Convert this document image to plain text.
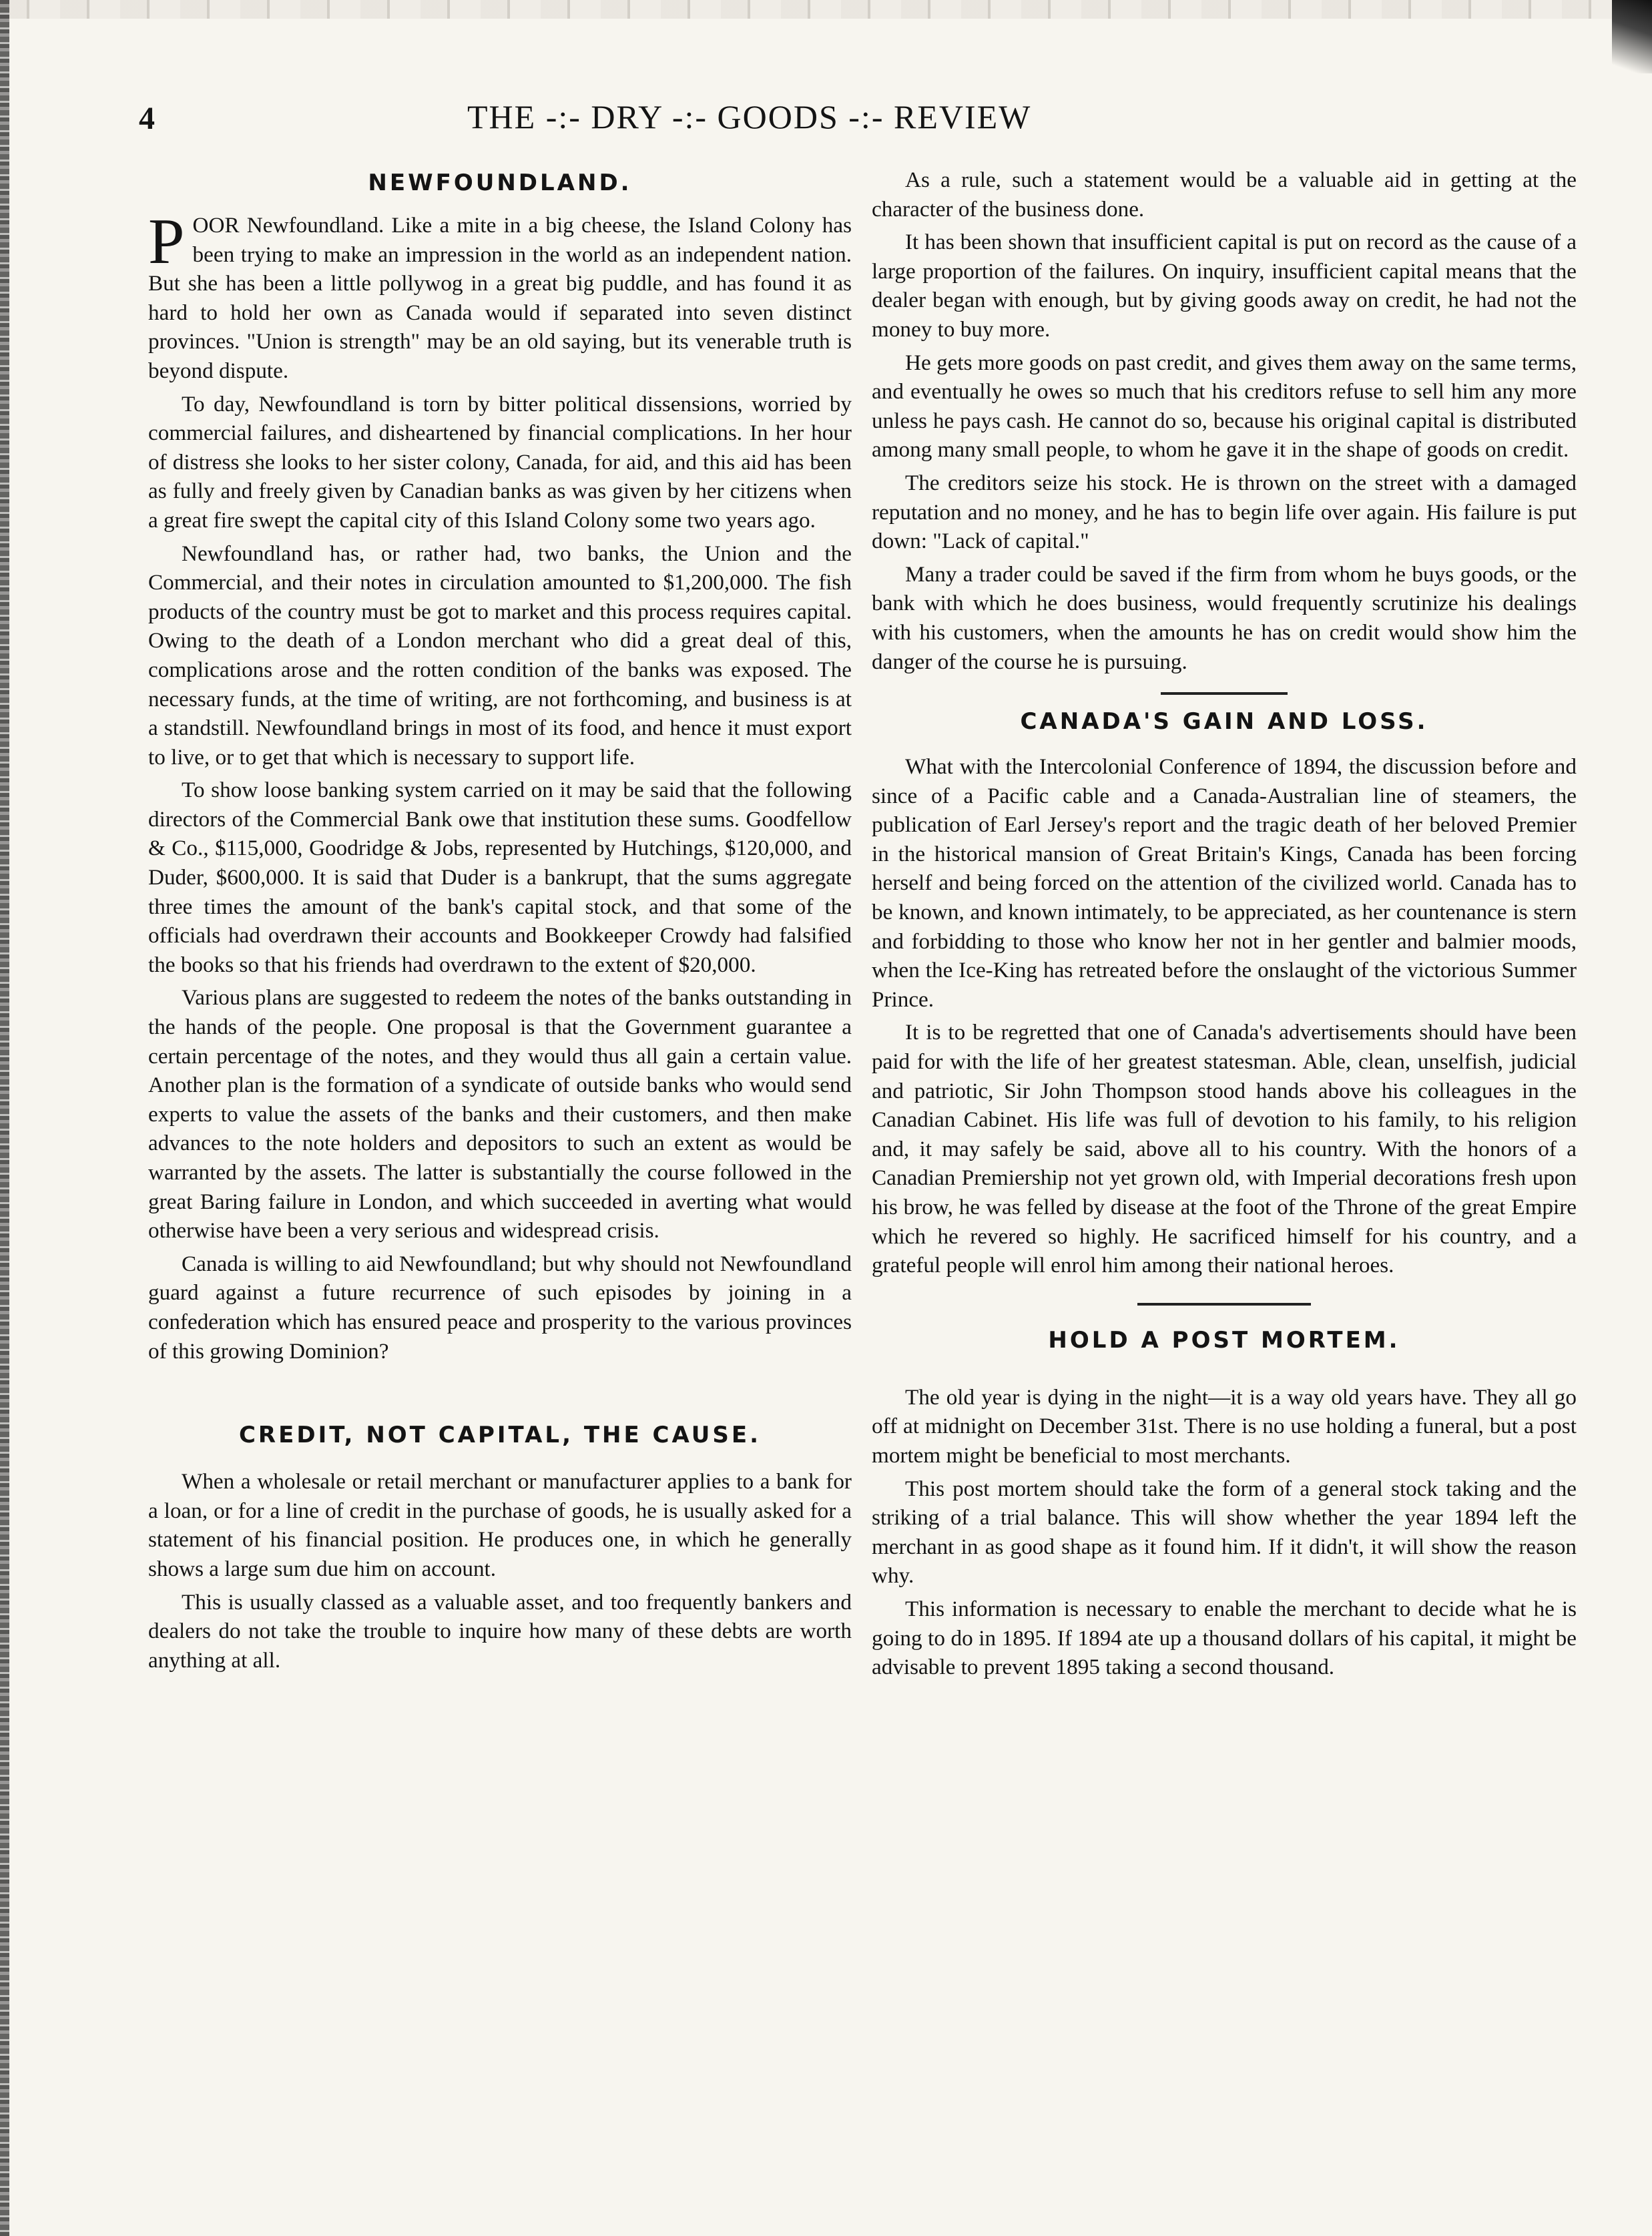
4	THE -:- DRY -:- GOODS -:- REVIEW
NEWFOUNDLAND.

POOR Newfoundland. Like a mite in a big cheese, the Island Colony has been trying to make an impression in the world as an independent nation. But she has been a little pollywog in a great big puddle, and has found it as hard to hold her own as Canada would if separated into seven distinct provinces. "Union is strength" may be an old saying, but its venerable truth is beyond dispute.

To day, Newfoundland is torn by bitter political dissensions, worried by commercial failures, and disheartened by financial complications. In her hour of distress she looks to her sister colony, Canada, for aid, and this aid has been as fully and freely given by Canadian banks as was given by her citizens when a great fire swept the capital city of this Island Colony some two years ago.

Newfoundland has, or rather had, two banks, the Union and the Commercial, and their notes in circulation amounted to $1,200,000. The fish products of the country must be got to market and this process requires capital. Owing to the death of a London merchant who did a great deal of this, complications arose and the rotten condition of the banks was exposed. The necessary funds, at the time of writing, are not forthcoming, and business is at a standstill. Newfoundland brings in most of its food, and hence it must export to live, or to get that which is necessary to support life.

To show loose banking system carried on it may be said that the following directors of the Commercial Bank owe that institution these sums. Goodfellow & Co., $115,000, Goodridge & Jobs, represented by Hutchings, $120,000, and Duder, $600,000. It is said that Duder is a bankrupt, that the sums aggregate three times the amount of the bank's capital stock, and that some of the officials had overdrawn their accounts and Bookkeeper Crowdy had falsified the books so that his friends had overdrawn to the extent of $20,000.

Various plans are suggested to redeem the notes of the banks outstanding in the hands of the people. One proposal is that the Government guarantee a certain percentage of the notes, and they would thus all gain a certain value. Another plan is the formation of a syndicate of outside banks who would send experts to value the assets of the banks and their customers, and then make advances to the note holders and depositors to such an extent as would be warranted by the assets. The latter is substantially the course followed in the great Baring failure in London, and which succeeded in averting what would otherwise have been a very serious and widespread crisis.

Canada is willing to aid Newfoundland; but why should not Newfoundland guard against a future recurrence of such episodes by joining in a confederation which has ensured peace and prosperity to the various provinces of this growing Dominion?

CREDIT, NOT CAPITAL, THE CAUSE.

When a wholesale or retail merchant or manufacturer applies to a bank for a loan, or for a line of credit in the purchase of goods, he is usually asked for a statement of his financial position. He produces one, in which he generally shows a large sum due him on account.

This is usually classed as a valuable asset, and too frequently bankers and dealers do not take the trouble to inquire how many of these debts are worth anything at all.

As a rule, such a statement would be a valuable aid in getting at the character of the business done.

It has been shown that insufficient capital is put on record as the cause of a large proportion of the failures. On inquiry, insufficient capital means that the dealer began with enough, but by giving goods away on credit, he had not the money to buy more.

He gets more goods on past credit, and gives them away on the same terms, and eventually he owes so much that his creditors refuse to sell him any more unless he pays cash. He cannot do so, because his original capital is distributed among many small people, to whom he gave it in the shape of goods on credit.

The creditors seize his stock. He is thrown on the street with a damaged reputation and no money, and he has to begin life over again. His failure is put down: "Lack of capital."

Many a trader could be saved if the firm from whom he buys goods, or the bank with which he does business, would frequently scrutinize his dealings with his customers, when the amounts he has on credit would show him the danger of the course he is pursuing.

CANADA'S GAIN AND LOSS.

What with the Intercolonial Conference of 1894, the discussion before and since of a Pacific cable and a Canada-Australian line of steamers, the publication of Earl Jersey's report and the tragic death of her beloved Premier in the historical mansion of Great Britain's Kings, Canada has been forcing herself and being forced on the attention of the civilized world. Canada has to be known, and known intimately, to be appreciated, as her countenance is stern and forbidding to those who know her not in her gentler and balmier moods, when the Ice-King has retreated before the onslaught of the victorious Summer Prince.

It is to be regretted that one of Canada's advertisements should have been paid for with the life of her greatest statesman. Able, clean, unselfish, judicial and patriotic, Sir John Thompson stood hands above his colleagues in the Canadian Cabinet. His life was full of devotion to his family, to his religion and, it may safely be said, above all to his country. With the honors of a Canadian Premiership not yet grown old, with Imperial decorations fresh upon his brow, he was felled by disease at the foot of the Throne of the great Empire which he revered so highly. He sacrificed himself for his country, and a grateful people will enrol him among their national heroes.

HOLD A POST MORTEM.

The old year is dying in the night—it is a way old years have. They all go off at midnight on December 31st. There is no use holding a funeral, but a post mortem might be beneficial to most merchants.

This post mortem should take the form of a general stock taking and the striking of a trial balance. This will show whether the year 1894 left the merchant in as good shape as it found him. If it didn't, it will show the reason why.

This information is necessary to enable the merchant to decide what he is going to do in 1895. If 1894 ate up a thousand dollars of his capital, it might be advisable to prevent 1895 taking a second thousand.
